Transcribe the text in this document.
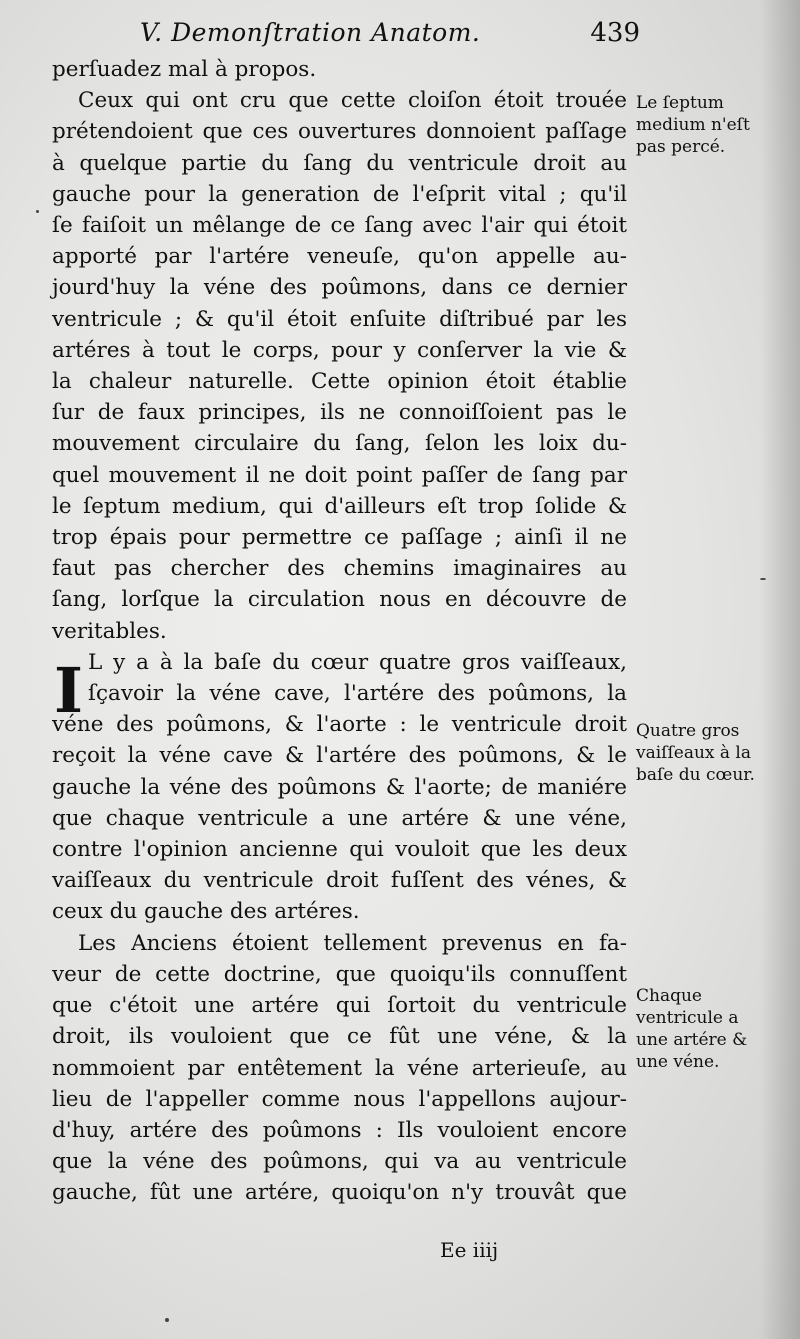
V. Demonſtration Anatom.	439
I
perſuadez mal à propos.
Ceux qui ont cru que cette cloiſon étoit trouée
prétendoient que ces ouvertures donnoient paſſage
à quelque partie du ſang du ventricule droit au
gauche pour la generation de l'eſprit vital ; qu'il
ſe faiſoit un mêlange de ce ſang avec l'air qui étoit
apporté par l'artére veneuſe, qu'on appelle au-
jourd'huy la véne des poûmons, dans ce dernier
ventricule ; & qu'il étoit enſuite diſtribué par les
artéres à tout le corps, pour y conſerver la vie &
la chaleur naturelle. Cette opinion étoit établie
ſur de faux principes, ils ne connoiſſoient pas le
mouvement circulaire du ſang, ſelon les loix du-
quel mouvement il ne doit point paſſer de ſang par
le ſeptum medium, qui d'ailleurs eſt trop ſolide &
trop épais pour permettre ce paſſage ; ainſi il ne
faut pas chercher des chemins imaginaires au
ſang, lorſque la circulation nous en découvre de
veritables.
L y a à la baſe du cœur quatre gros vaiſſeaux,
ſçavoir la véne cave, l'artére des poûmons, la
véne des poûmons, & l'aorte : le ventricule droit
reçoit la véne cave & l'artére des poûmons, & le
gauche la véne des poûmons & l'aorte; de maniére
que chaque ventricule a une artére & une véne,
contre l'opinion ancienne qui vouloit que les deux
vaiſſeaux du ventricule droit fuſſent des vénes, &
ceux du gauche des artéres.
Les Anciens étoient tellement prevenus en fa-
veur de cette doctrine, que quoiqu'ils connuſſent
que c'étoit une artére qui ſortoit du ventricule
droit, ils vouloient que ce fût une véne, & la
nommoient par entêtement la véne arterieuſe, au
lieu de l'appeller comme nous l'appellons aujour-
d'huy, artére des poûmons : Ils vouloient encore
que la véne des poûmons, qui va au ventricule
gauche, fût une artére, quoiqu'on n'y trouvât que
Le ſeptum medium n'eſt pas percé.
Quatre gros vaiſſeaux à la baſe du cœur.
Chaque ventricule a une artére & une véne.
Ee iiij
